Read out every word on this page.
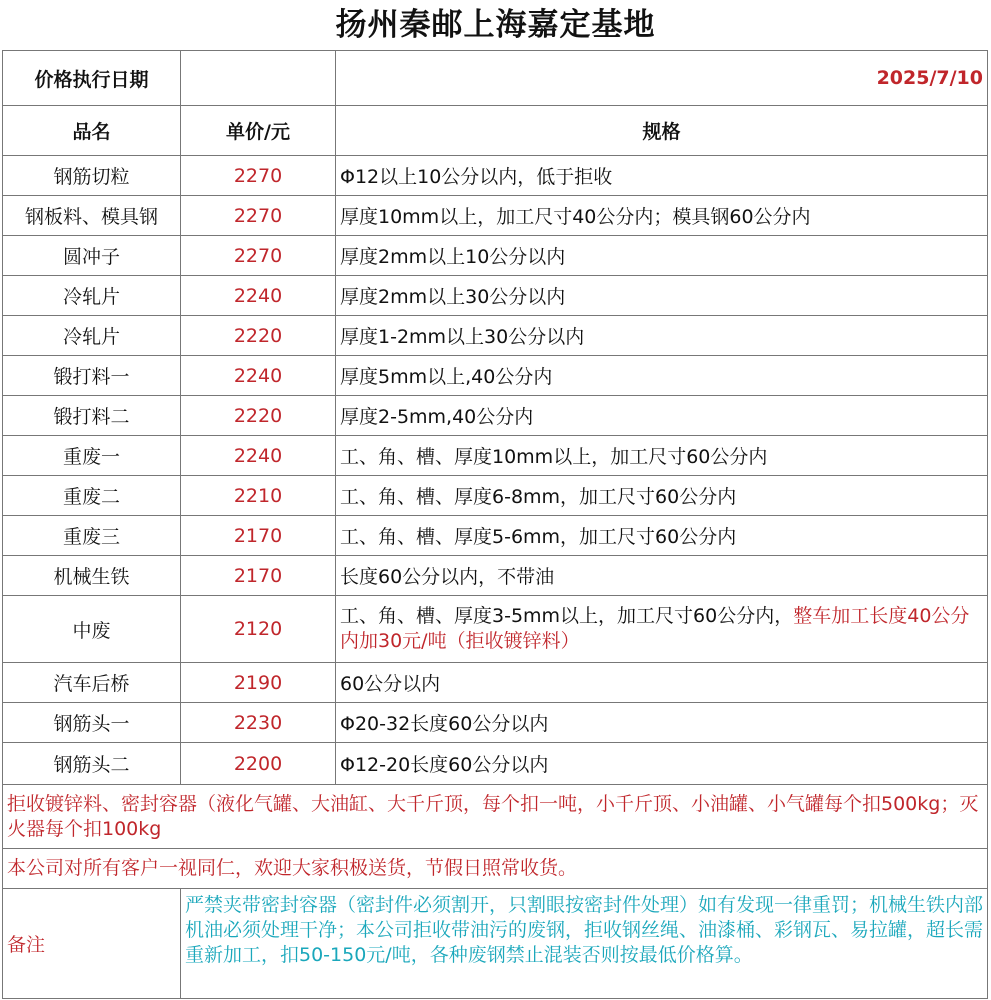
扬州秦邮上海嘉定基地
价格执行日期		2025/7/10
品名	单价/元	规格
钢筋切粒	2270	Φ12以上10公分以内，低于拒收
钢板料、模具钢	2270	厚度10mm以上，加工尺寸40公分内；模具钢60公分内
圆冲子	2270	厚度2mm以上10公分以内
冷轧片	2240	厚度2mm以上30公分以内
冷轧片	2220	厚度1-2mm以上30公分以内
锻打料一	2240	厚度5mm以上,40公分内
锻打料二	2220	厚度2-5mm,40公分内
重废一	2240	工、角、槽、厚度10mm以上，加工尺寸60公分内
重废二	2210	工、角、槽、厚度6-8mm，加工尺寸60公分内
重废三	2170	工、角、槽、厚度5-6mm，加工尺寸60公分内
机械生铁	2170	长度60公分以内，不带油
中废	2120	工、角、槽、厚度3-5mm以上，加工尺寸60公分内，整车加工长度40公分内加30元/吨（拒收镀锌料）
汽车后桥	2190	60公分以内
钢筋头一	2230	Φ20-32长度60公分以内
钢筋头二	2200	Φ12-20长度60公分以内
拒收镀锌料、密封容器（液化气罐、大油缸、大千斤顶，每个扣一吨，小千斤顶、小油罐、小气罐每个扣500kg；灭火器每个扣100kg		
本公司对所有客户一视同仁，欢迎大家积极送货，节假日照常收货。		
备注	严禁夹带密封容器（密封件必须割开，只割眼按密封件处理）如有发现一律重罚；机械生铁内部机油必须处理干净；本公司拒收带油污的废钢，拒收钢丝绳、油漆桶、彩钢瓦、易拉罐，超长需重新加工，扣50-150元/吨，各种废钢禁止混装否则按最低价格算。	
